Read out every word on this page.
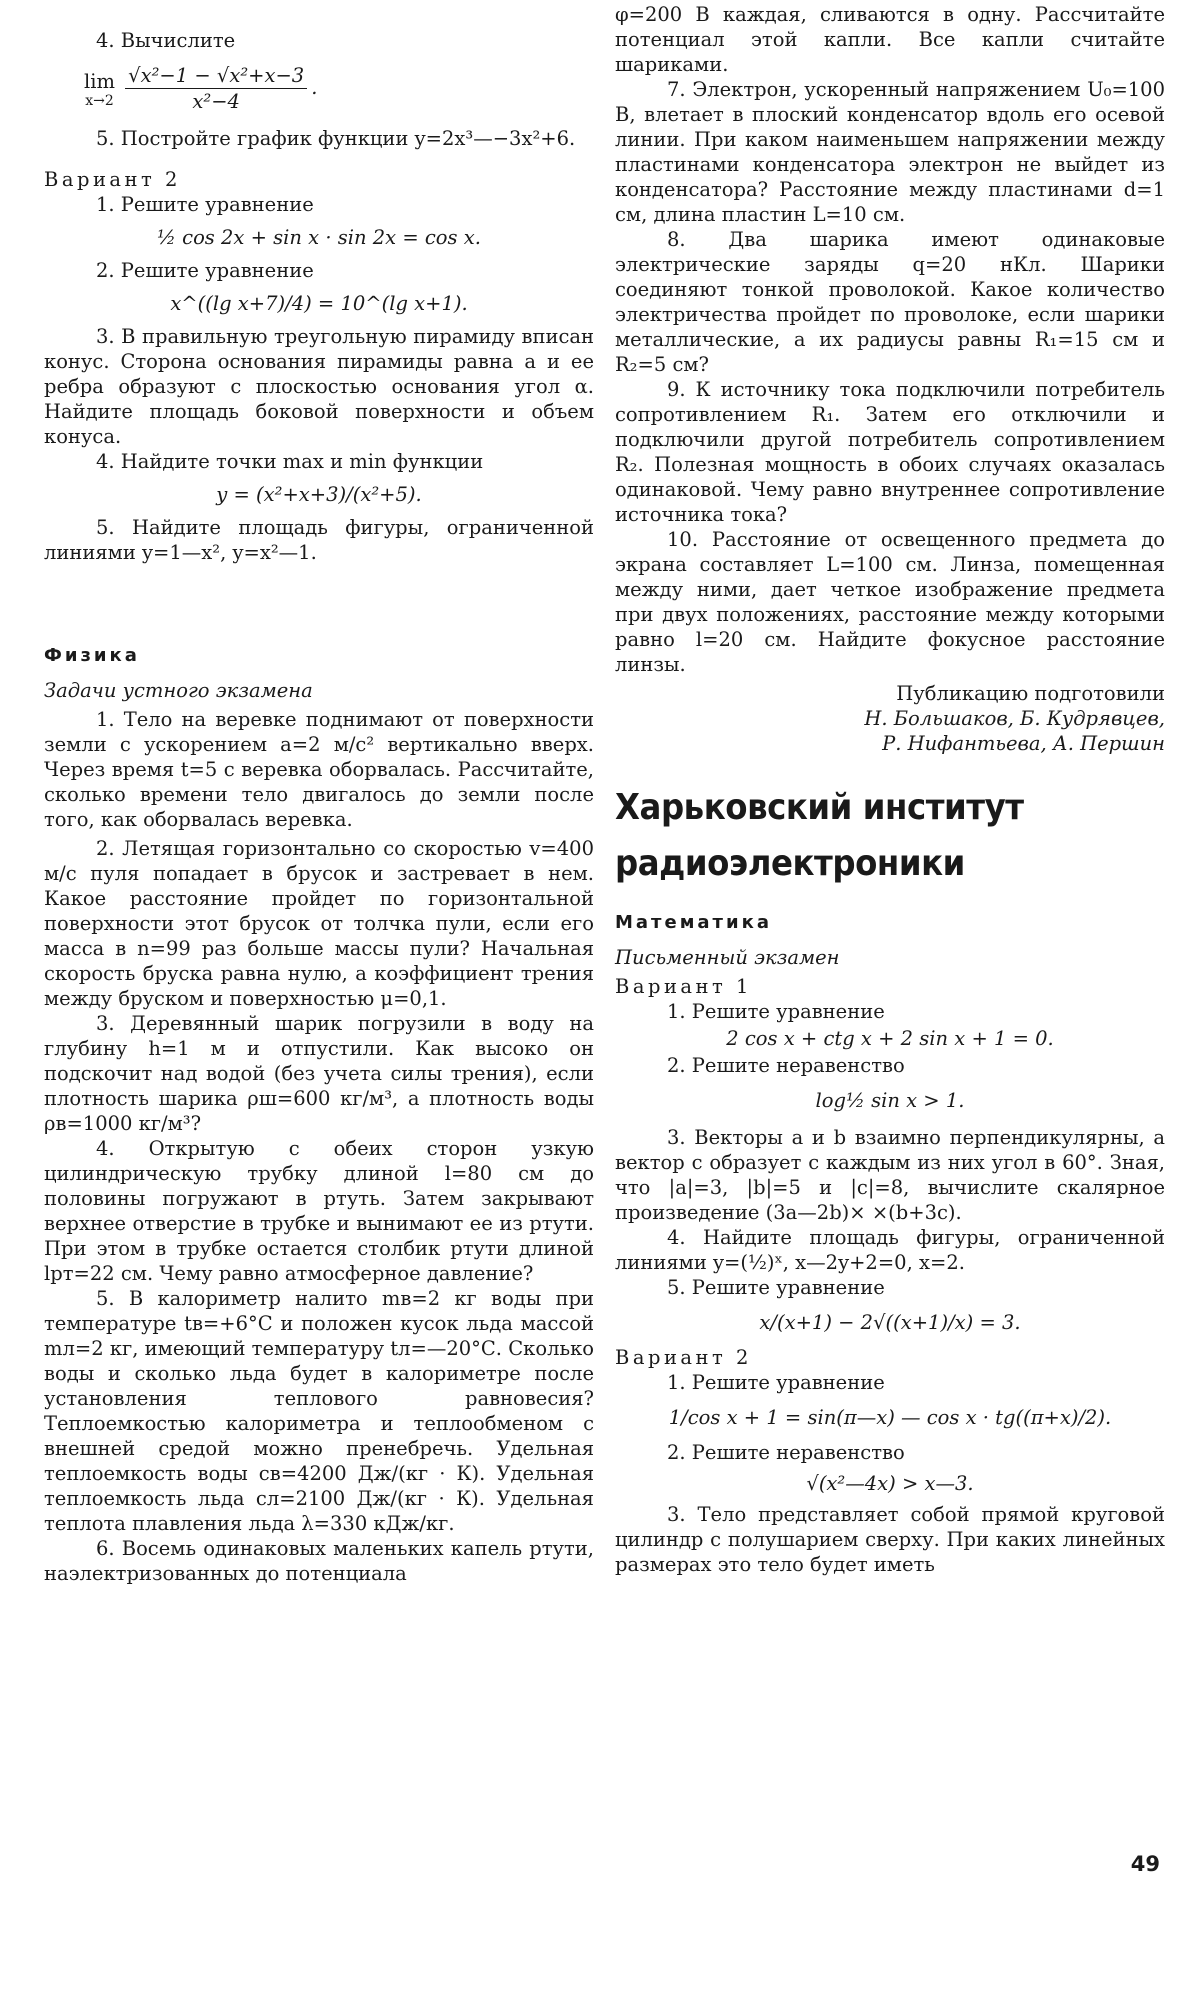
4. Вычислите

lim
x→2
$\frac{\text{√x²−1 − √x²+x−3}}{\text{x²−4}}$ .

5. Постройте график функции y=2x³—−3x²+6.

Вариант 2

1. Решите уравнение

½ cos 2x + sin x · sin 2x = cos x.

2. Решите уравнение

x^((lg x+7)/4) = 10^(lg x+1).

3. В правильную треугольную пирамиду вписан конус. Сторона основания пирамиды равна a и ее ребра образуют с плоскостью основания угол α. Найдите площадь боковой поверхности и объем конуса.

4. Найдите точки max и min функции

y = (x²+x+3)/(x²+5).

5. Найдите площадь фигуры, ограниченной линиями y=1—x², y=x²—1.

Физика

Задачи устного экзамена

1. Тело на веревке поднимают от поверхности земли с ускорением a=2 м/с² вертикально вверх. Через время t=5 с веревка оборвалась. Рассчитайте, сколько времени тело двигалось до земли после того, как оборвалась веревка.

2. Летящая горизонтально со скоростью v=400 м/с пуля попадает в брусок и застревает в нем. Какое расстояние пройдет по горизонтальной поверхности этот брусок от толчка пули, если его масса в n=99 раз больше массы пули? Начальная скорость бруска равна нулю, а коэффициент трения между бруском и поверхностью μ=0,1.

3. Деревянный шарик погрузили в воду на глубину h=1 м и отпустили. Как высоко он подскочит над водой (без учета силы трения), если плотность шарика ρш=600 кг/м³, а плотность воды ρв=1000 кг/м³?

4. Открытую с обеих сторон узкую цилиндрическую трубку длиной l=80 см до половины погружают в ртуть. Затем закрывают верхнее отверстие в трубке и вынимают ее из ртути. При этом в трубке остается столбик ртути длиной lрт=22 см. Чему равно атмосферное давление?

5. В калориметр налито mв=2 кг воды при температуре tв=+6°С и положен кусок льда массой mл=2 кг, имеющий температуру tл=—20°С. Сколько воды и сколько льда будет в калориметре после установления теплового равновесия? Теплоемкостью калориметра и теплообменом с внешней средой можно пренебречь. Удельная теплоемкость воды св=4200 Дж/(кг · К). Удельная теплоемкость льда сл=2100 Дж/(кг · К). Удельная теплота плавления льда λ=330 кДж/кг.

6. Восемь одинаковых маленьких капель ртути, наэлектризованных до потенциала

φ=200 В каждая, сливаются в одну. Рассчитайте потенциал этой капли. Все капли считайте шариками.

7. Электрон, ускоренный напряжением U₀=100 В, влетает в плоский конденсатор вдоль его осевой линии. При каком наименьшем напряжении между пластинами конденсатора электрон не выйдет из конденсатора? Расстояние между пластинами d=1 см, длина пластин L=10 см.

8. Два шарика имеют одинаковые электрические заряды q=20 нКл. Шарики соединяют тонкой проволокой. Какое количество электричества пройдет по проволоке, если шарики металлические, а их радиусы равны R₁=15 см и R₂=5 см?

9. К источнику тока подключили потребитель сопротивлением R₁. Затем его отключили и подключили другой потребитель сопротивлением R₂. Полезная мощность в обоих случаях оказалась одинаковой. Чему равно внутреннее сопротивление источника тока?

10. Расстояние от освещенного предмета до экрана составляет L=100 см. Линза, помещенная между ними, дает четкое изображение предмета при двух положениях, расстояние между которыми равно l=20 см. Найдите фокусное расстояние линзы.

Публикацию подготовили

Н. Большаков, Б. Кудрявцев,

Р. Нифантьева, А. Першин

Харьковский институт
радиоэлектроники

Математика

Письменный экзамен

Вариант 1

1. Решите уравнение

2 cos x + ctg x + 2 sin x + 1 = 0.

2. Решите неравенство

log½ sin x > 1.

3. Векторы a и b взаимно перпендикулярны, а вектор c образует с каждым из них угол в 60°. Зная, что |a|=3, |b|=5 и |c|=8, вычислите скалярное произведение (3a—2b)× ×(b+3c).

4. Найдите площадь фигуры, ограниченной линиями y=(½)ˣ, x—2y+2=0, x=2.

5. Решите уравнение

x/(x+1) − 2√((x+1)/x) = 3.

Вариант 2

1. Решите уравнение

1/cos x + 1 = sin(π—x) — cos x · tg((π+x)/2).

2. Решите неравенство

√(x²—4x) > x—3.

3. Тело представляет собой прямой круговой цилиндр с полушарием сверху. При каких линейных размерах это тело будет иметь

49
